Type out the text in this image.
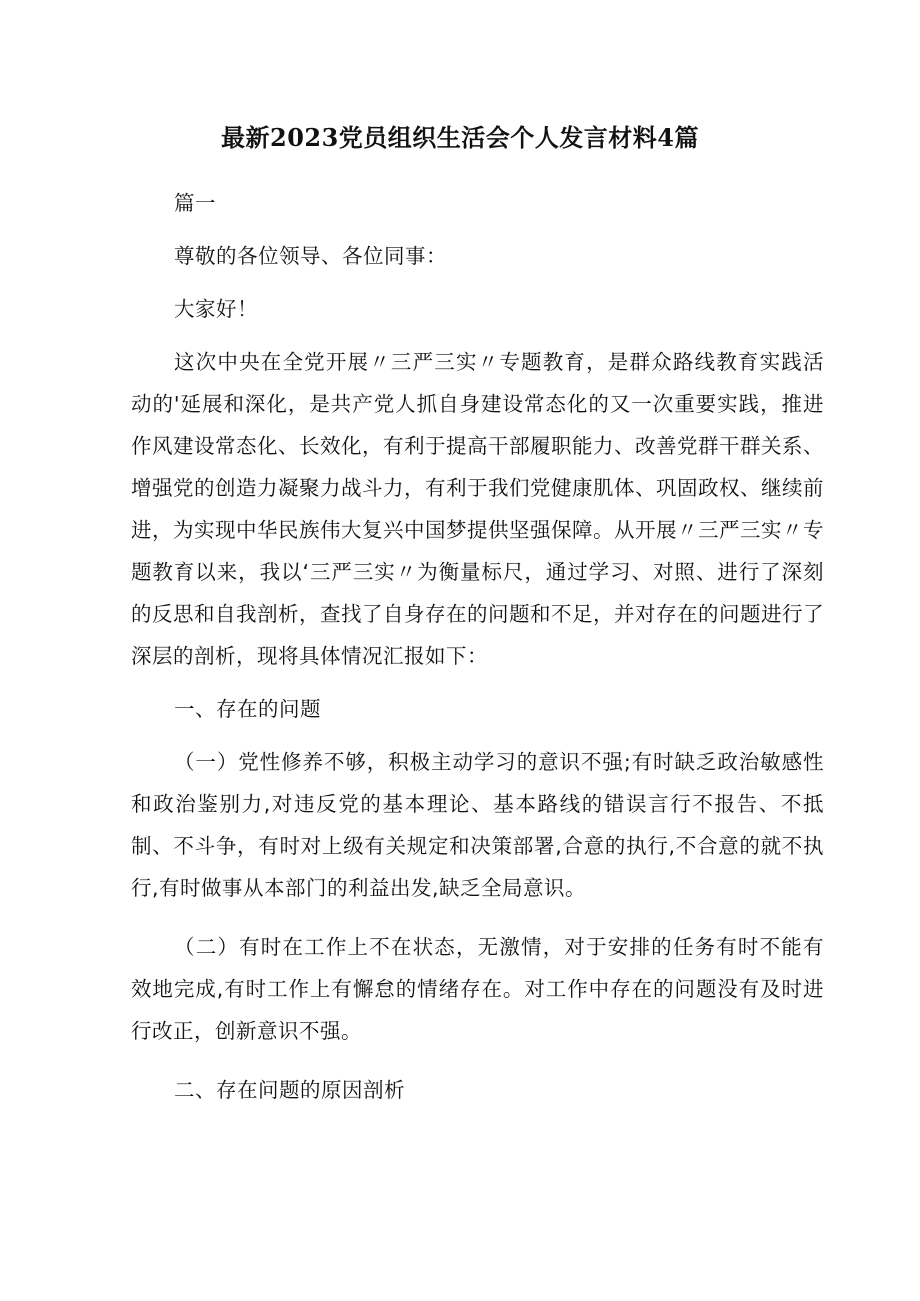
最新2023党员组织生活会个人发言材料4篇

篇一

尊敬的各位领导、各位同事：

大家好！

这次中央在全党开展〃三严三实〃专题教育，是群众路线教育实践活动的'延展和深化，是共产党人抓自身建设常态化的又一次重要实践，推进作风建设常态化、长效化，有利于提高干部履职能力、改善党群干群关系、增强党的创造力凝聚力战斗力，有利于我们党健康肌体、巩固政权、继续前进，为实现中华民族伟大复兴中国梦提供坚强保障。从开展〃三严三实〃专题教育以来，我以‘三严三实〃为衡量标尺，通过学习、对照、进行了深刻的反思和自我剖析，查找了自身存在的问题和不足，并对存在的问题进行了深层的剖析，现将具体情况汇报如下：

一、存在的问题

（一）党性修养不够，积极主动学习的意识不强;有时缺乏政治敏感性和政治鉴别力,对违反党的基本理论、基本路线的错误言行不报告、不抵制、不斗争，有时对上级有关规定和决策部署,合意的执行,不合意的就不执行,有时做事从本部门的利益出发,缺乏全局意识。

（二）有时在工作上不在状态，无激情，对于安排的任务有时不能有效地完成,有时工作上有懈怠的情绪存在。对工作中存在的问题没有及时进行改正，创新意识不强。

二、存在问题的原因剖析
